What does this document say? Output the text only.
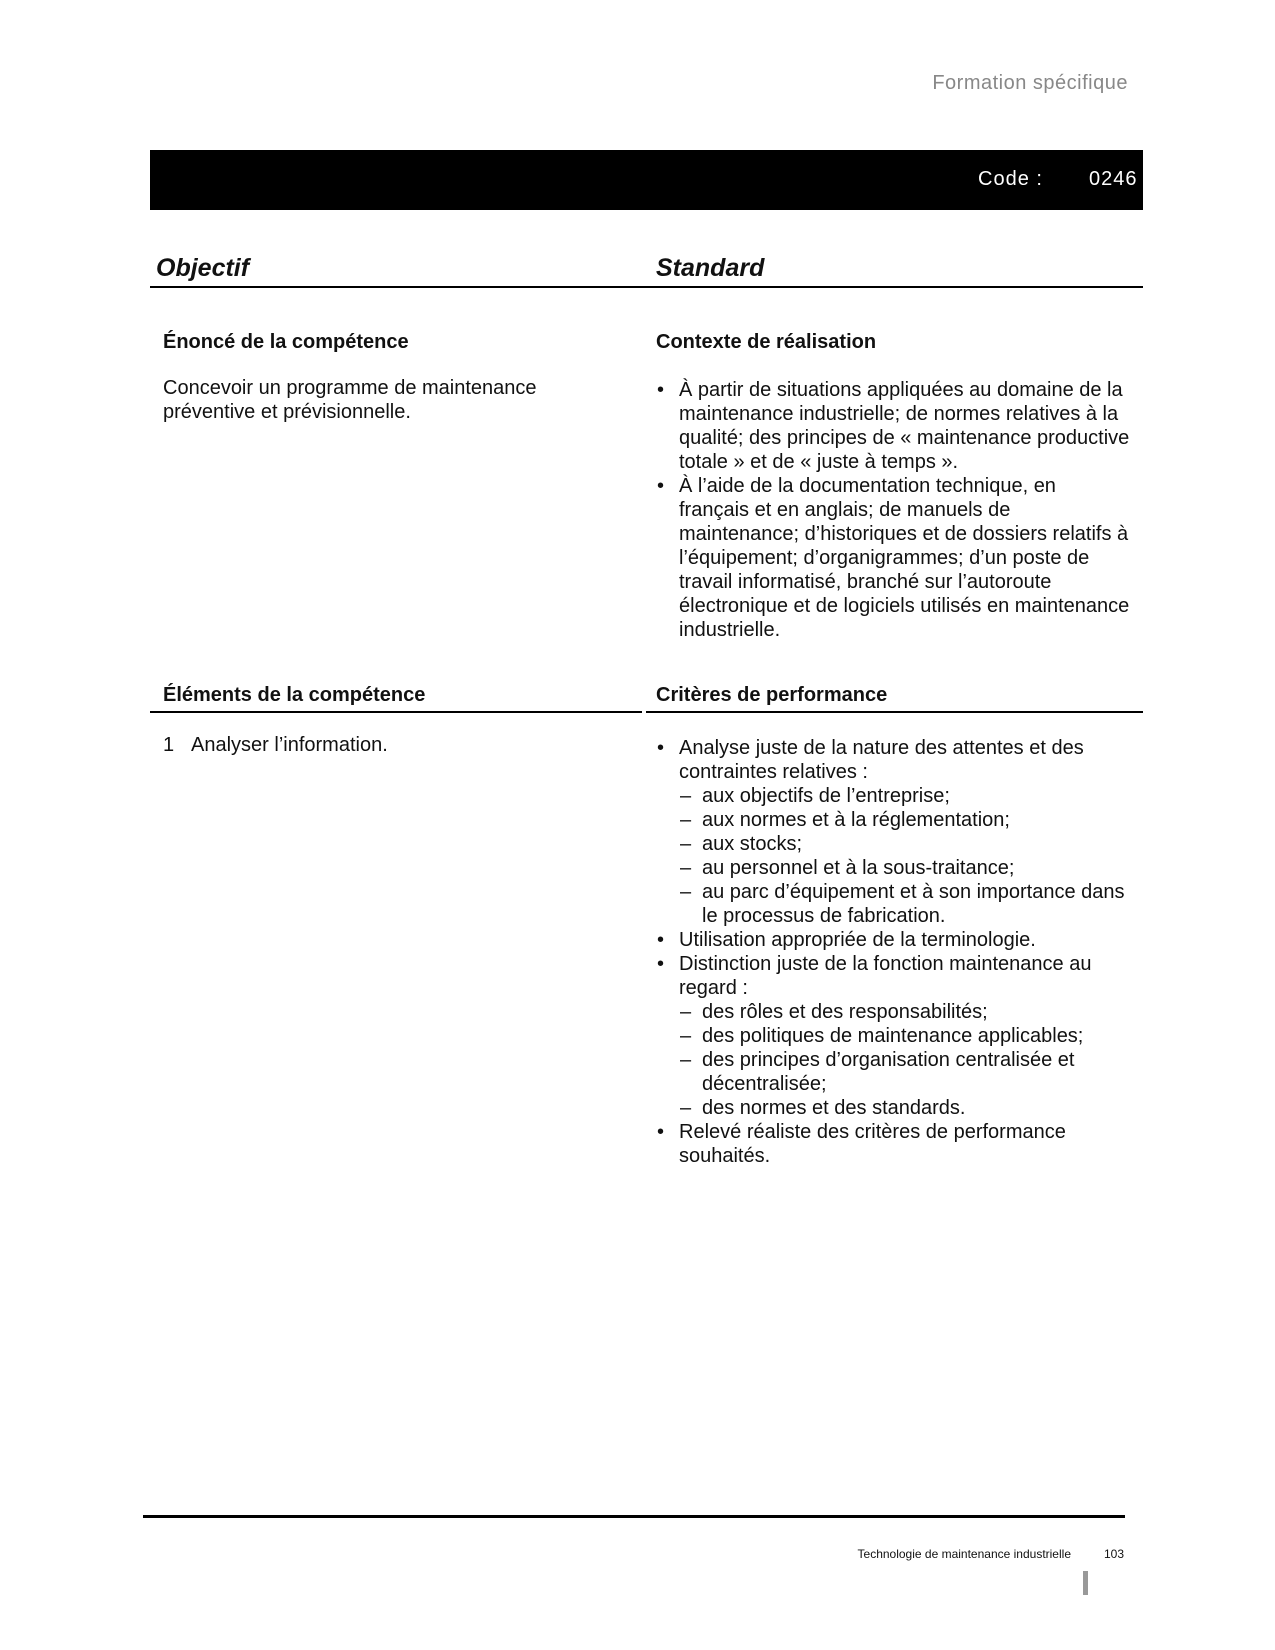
Formation spécifique
Code : 0246
Objectif	Standard
Énoncé de la compétence
Concevoir un programme de maintenance
préventive et prévisionnelle.
Contexte de réalisation
• À partir de situations appliquées au domaine de la maintenance industrielle; de normes relatives à la qualité; des principes de « maintenance productive totale » et de « juste à temps ».
• À l’aide de la documentation technique, en français et en anglais; de manuels de maintenance; d’historiques et de dossiers relatifs à l’équipement; d’organigrammes; d’un poste de travail informatisé, branché sur l’autoroute électronique et de logiciels utilisés en maintenance industrielle.
Éléments de la compétence	Critères de performance
1 Analyser l’information.
•	Analyse juste de la nature des attentes et des contraintes relatives :
– aux objectifs de l’entreprise;
– aux normes et à la réglementation;
– aux stocks;
– au personnel et à la sous-traitance;
– au parc d’équipement et à son importance dans le processus de fabrication.
• Utilisation appropriée de la terminologie.
• Distinction juste de la fonction maintenance au regard :
– des rôles et des responsabilités;
– des politiques de maintenance applicables;
– des principes d’organisation centralisée et décentralisée;
– des normes et des standards.
• Relevé réaliste des critères de performance souhaités.
Technologie de maintenance industrielle	103
